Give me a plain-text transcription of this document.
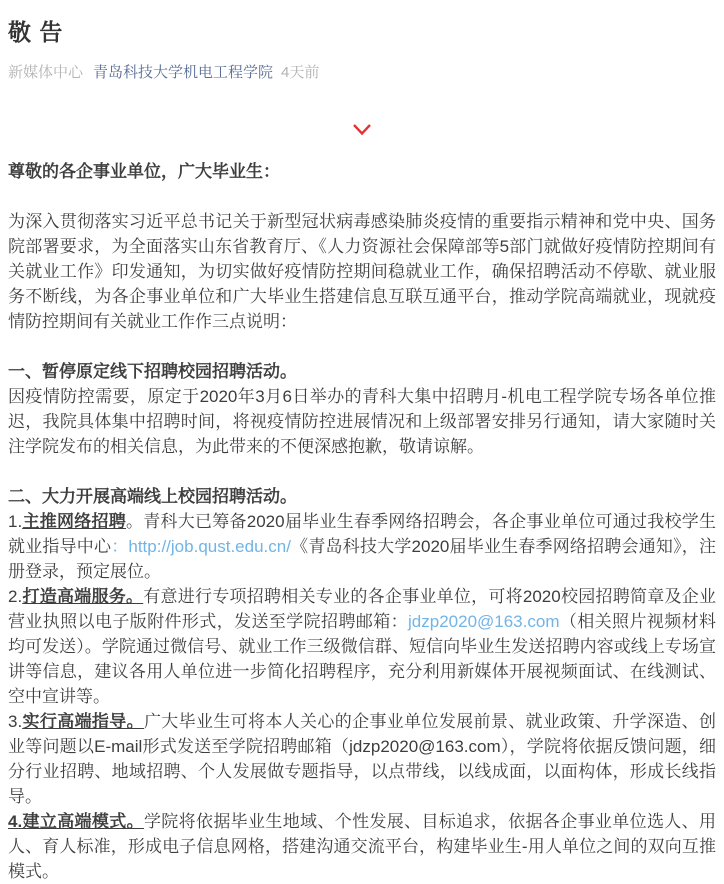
敬 告
新媒体中心 青岛科技大学机电工程学院 4天前

尊敬的各企事业单位，广大毕业生：

为深入贯彻落实习近平总书记关于新型冠状病毒感染肺炎疫情的重要指示精神和党中央、国务院部署要求，为全面落实山东省教育厅、《人力资源社会保障部等5部门就做好疫情防控期间有关就业工作》印发通知，为切实做好疫情防控期间稳就业工作，确保招聘活动不停歇、就业服务不断线，为各企事业单位和广大毕业生搭建信息互联互通平台，推动学院高端就业，现就疫情防控期间有关就业工作作三点说明：

一、暂停原定线下招聘校园招聘活动。

因疫情防控需要，原定于2020年3月6日举办的青科大集中招聘月-机电工程学院专场各单位推迟，我院具体集中招聘时间，将视疫情防控进展情况和上级部署安排另行通知，请大家随时关注学院发布的相关信息，为此带来的不便深感抱歉，敬请谅解。

二、大力开展高端线上校园招聘活动。

1.主推网络招聘。青科大已筹备2020届毕业生春季网络招聘会，各企事业单位可通过我校学生就业指导中心：http://job.qust.edu.cn/《青岛科技大学2020届毕业生春季网络招聘会通知》，注册登录，预定展位。

2.打造高端服务。有意进行专项招聘相关专业的各企事业单位，可将2020校园招聘简章及企业营业执照以电子版附件形式，发送至学院招聘邮箱：jdzp2020@163.com（相关照片视频材料均可发送）。学院通过微信号、就业工作三级微信群、短信向毕业生发送招聘内容或线上专场宣讲等信息，建议各用人单位进一步简化招聘程序，充分利用新媒体开展视频面试、在线测试、空中宣讲等。

3.实行高端指导。广大毕业生可将本人关心的企事业单位发展前景、就业政策、升学深造、创业等问题以E-mail形式发送至学院招聘邮箱（jdzp2020@163.com），学院将依据反馈问题，细分行业招聘、地域招聘、个人发展做专题指导，以点带线，以线成面，以面构体，形成长线指导。

4.建立高端模式。学院将依据毕业生地域、个性发展、目标追求，依据各企事业单位选人、用人、育人标准，形成电子信息网格，搭建沟通交流平台，构建毕业生-用人单位之间的双向互推模式。
